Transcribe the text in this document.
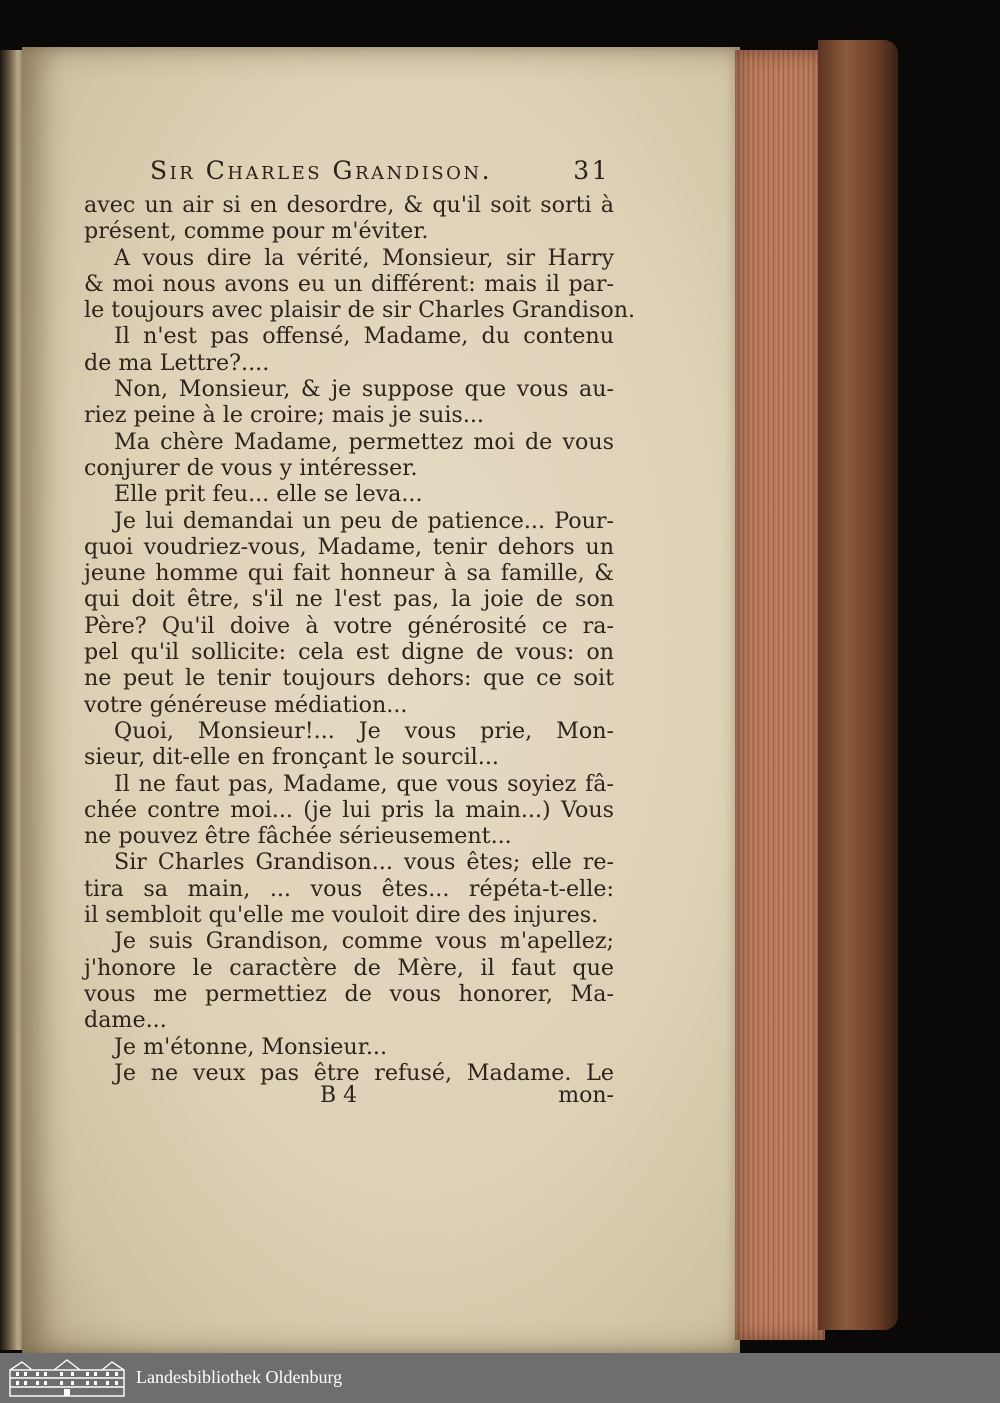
Sir Charles Grandison.	31
avec un air si en desordre, & qu'il soit sorti à
présent, comme pour m'éviter.
A vous dire la vérité, Monsieur, sir Harry
& moi nous avons eu un différent: mais il par-
le toujours avec plaisir de sir Charles Grandison.
Il n'est pas offensé, Madame, du contenu
de ma Lettre?....
Non, Monsieur, & je suppose que vous au-
riez peine à le croire; mais je suis...
Ma chère Madame, permettez moi de vous
conjurer de vous y intéresser.
Elle prit feu... elle se leva...
Je lui demandai un peu de patience... Pour-
quoi voudriez-vous, Madame, tenir dehors un
jeune homme qui fait honneur à sa famille, &
qui doit être, s'il ne l'est pas, la joie de son
Père? Qu'il doive à votre générosité ce ra-
pel qu'il sollicite: cela est digne de vous: on
ne peut le tenir toujours dehors: que ce soit
votre généreuse médiation...
Quoi, Monsieur!... Je vous prie, Mon-
sieur, dit-elle en fronçant le sourcil...
Il ne faut pas, Madame, que vous soyiez fâ-
chée contre moi... (je lui pris la main...) Vous
ne pouvez être fâchée sérieusement...
Sir Charles Grandison... vous êtes; elle re-
tira sa main, ... vous êtes... répéta-t-elle:
il sembloit qu'elle me vouloit dire des injures.
Je suis Grandison, comme vous m'apellez;
j'honore le caractère de Mère, il faut que
vous me permettiez de vous honorer, Ma-
dame...
Je m'étonne, Monsieur...
Je ne veux pas être refusé, Madame. Le
B 4	mon-
Landesbibliothek Oldenburg
